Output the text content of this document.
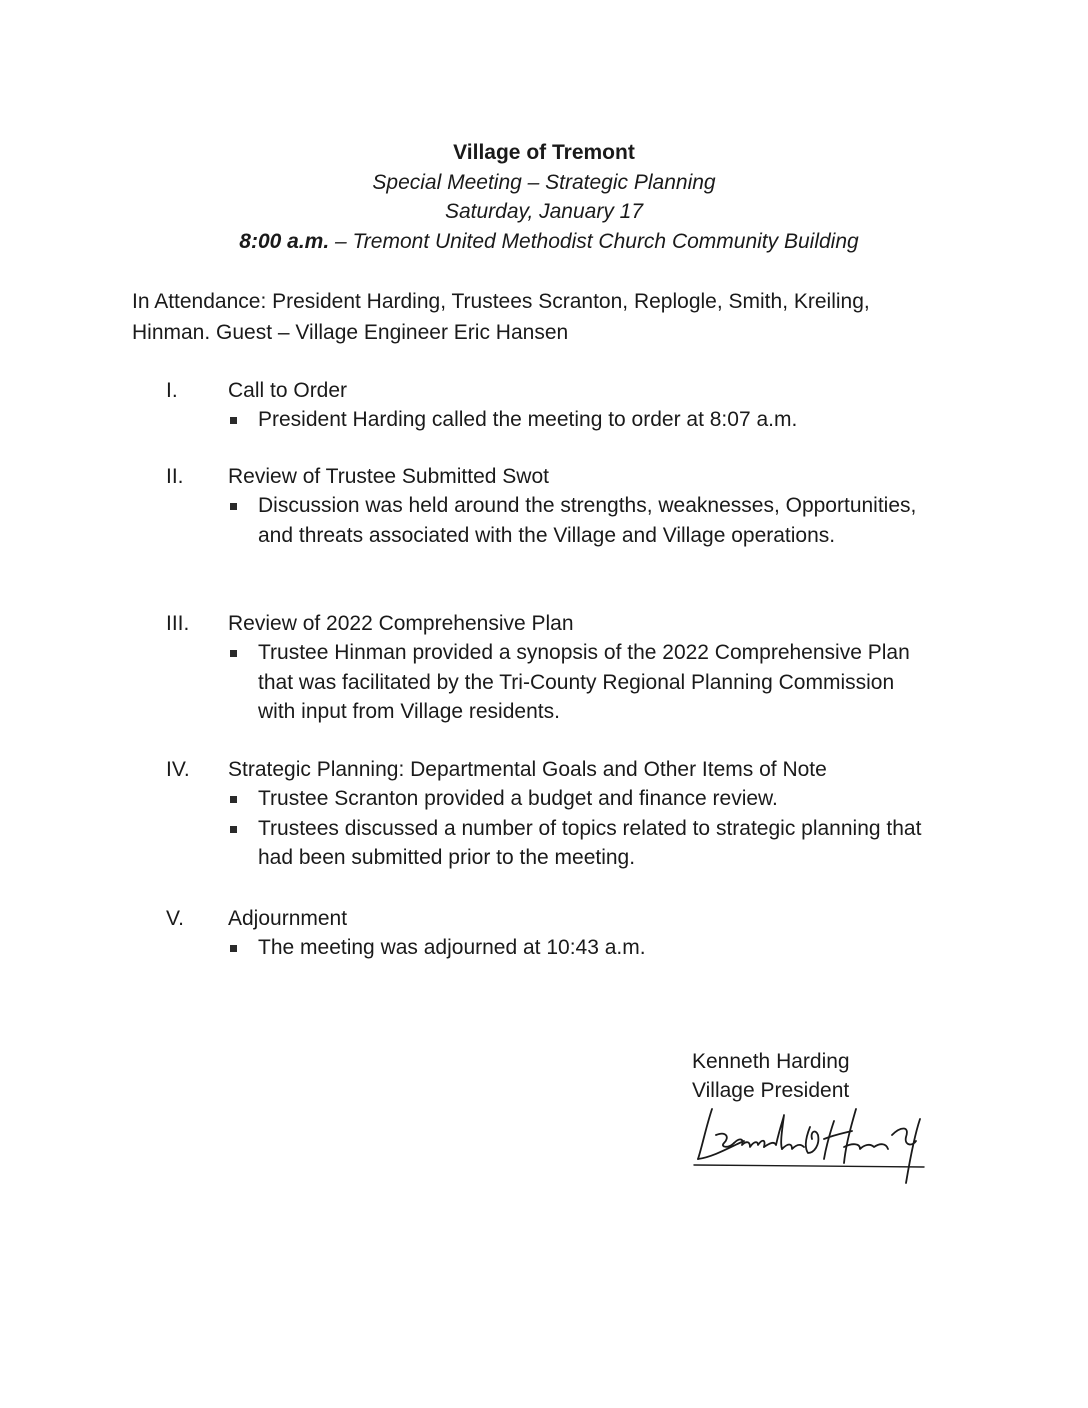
Village of Tremont
Special Meeting – Strategic Planning
Saturday, January 17
8:00 a.m. – Tremont United Methodist Church Community Building

In Attendance: President Harding, Trustees Scranton, Replogle, Smith, Kreiling, Hinman. Guest – Village Engineer Eric Hansen

I. Call to Order
President Harding called the meeting to order at 8:07 a.m.
II. Review of Trustee Submitted Swot
Discussion was held around the strengths, weaknesses, Opportunities, and threats associated with the Village and Village operations.
III. Review of 2022 Comprehensive Plan
Trustee Hinman provided a synopsis of the 2022 Comprehensive Plan that was facilitated by the Tri-County Regional Planning Commission with input from Village residents.
IV. Strategic Planning: Departmental Goals and Other Items of Note
Trustee Scranton provided a budget and finance review.
Trustees discussed a number of topics related to strategic planning that had been submitted prior to the meeting.
V. Adjournment
The meeting was adjourned at 10:43 a.m.
Kenneth Harding
Village President
